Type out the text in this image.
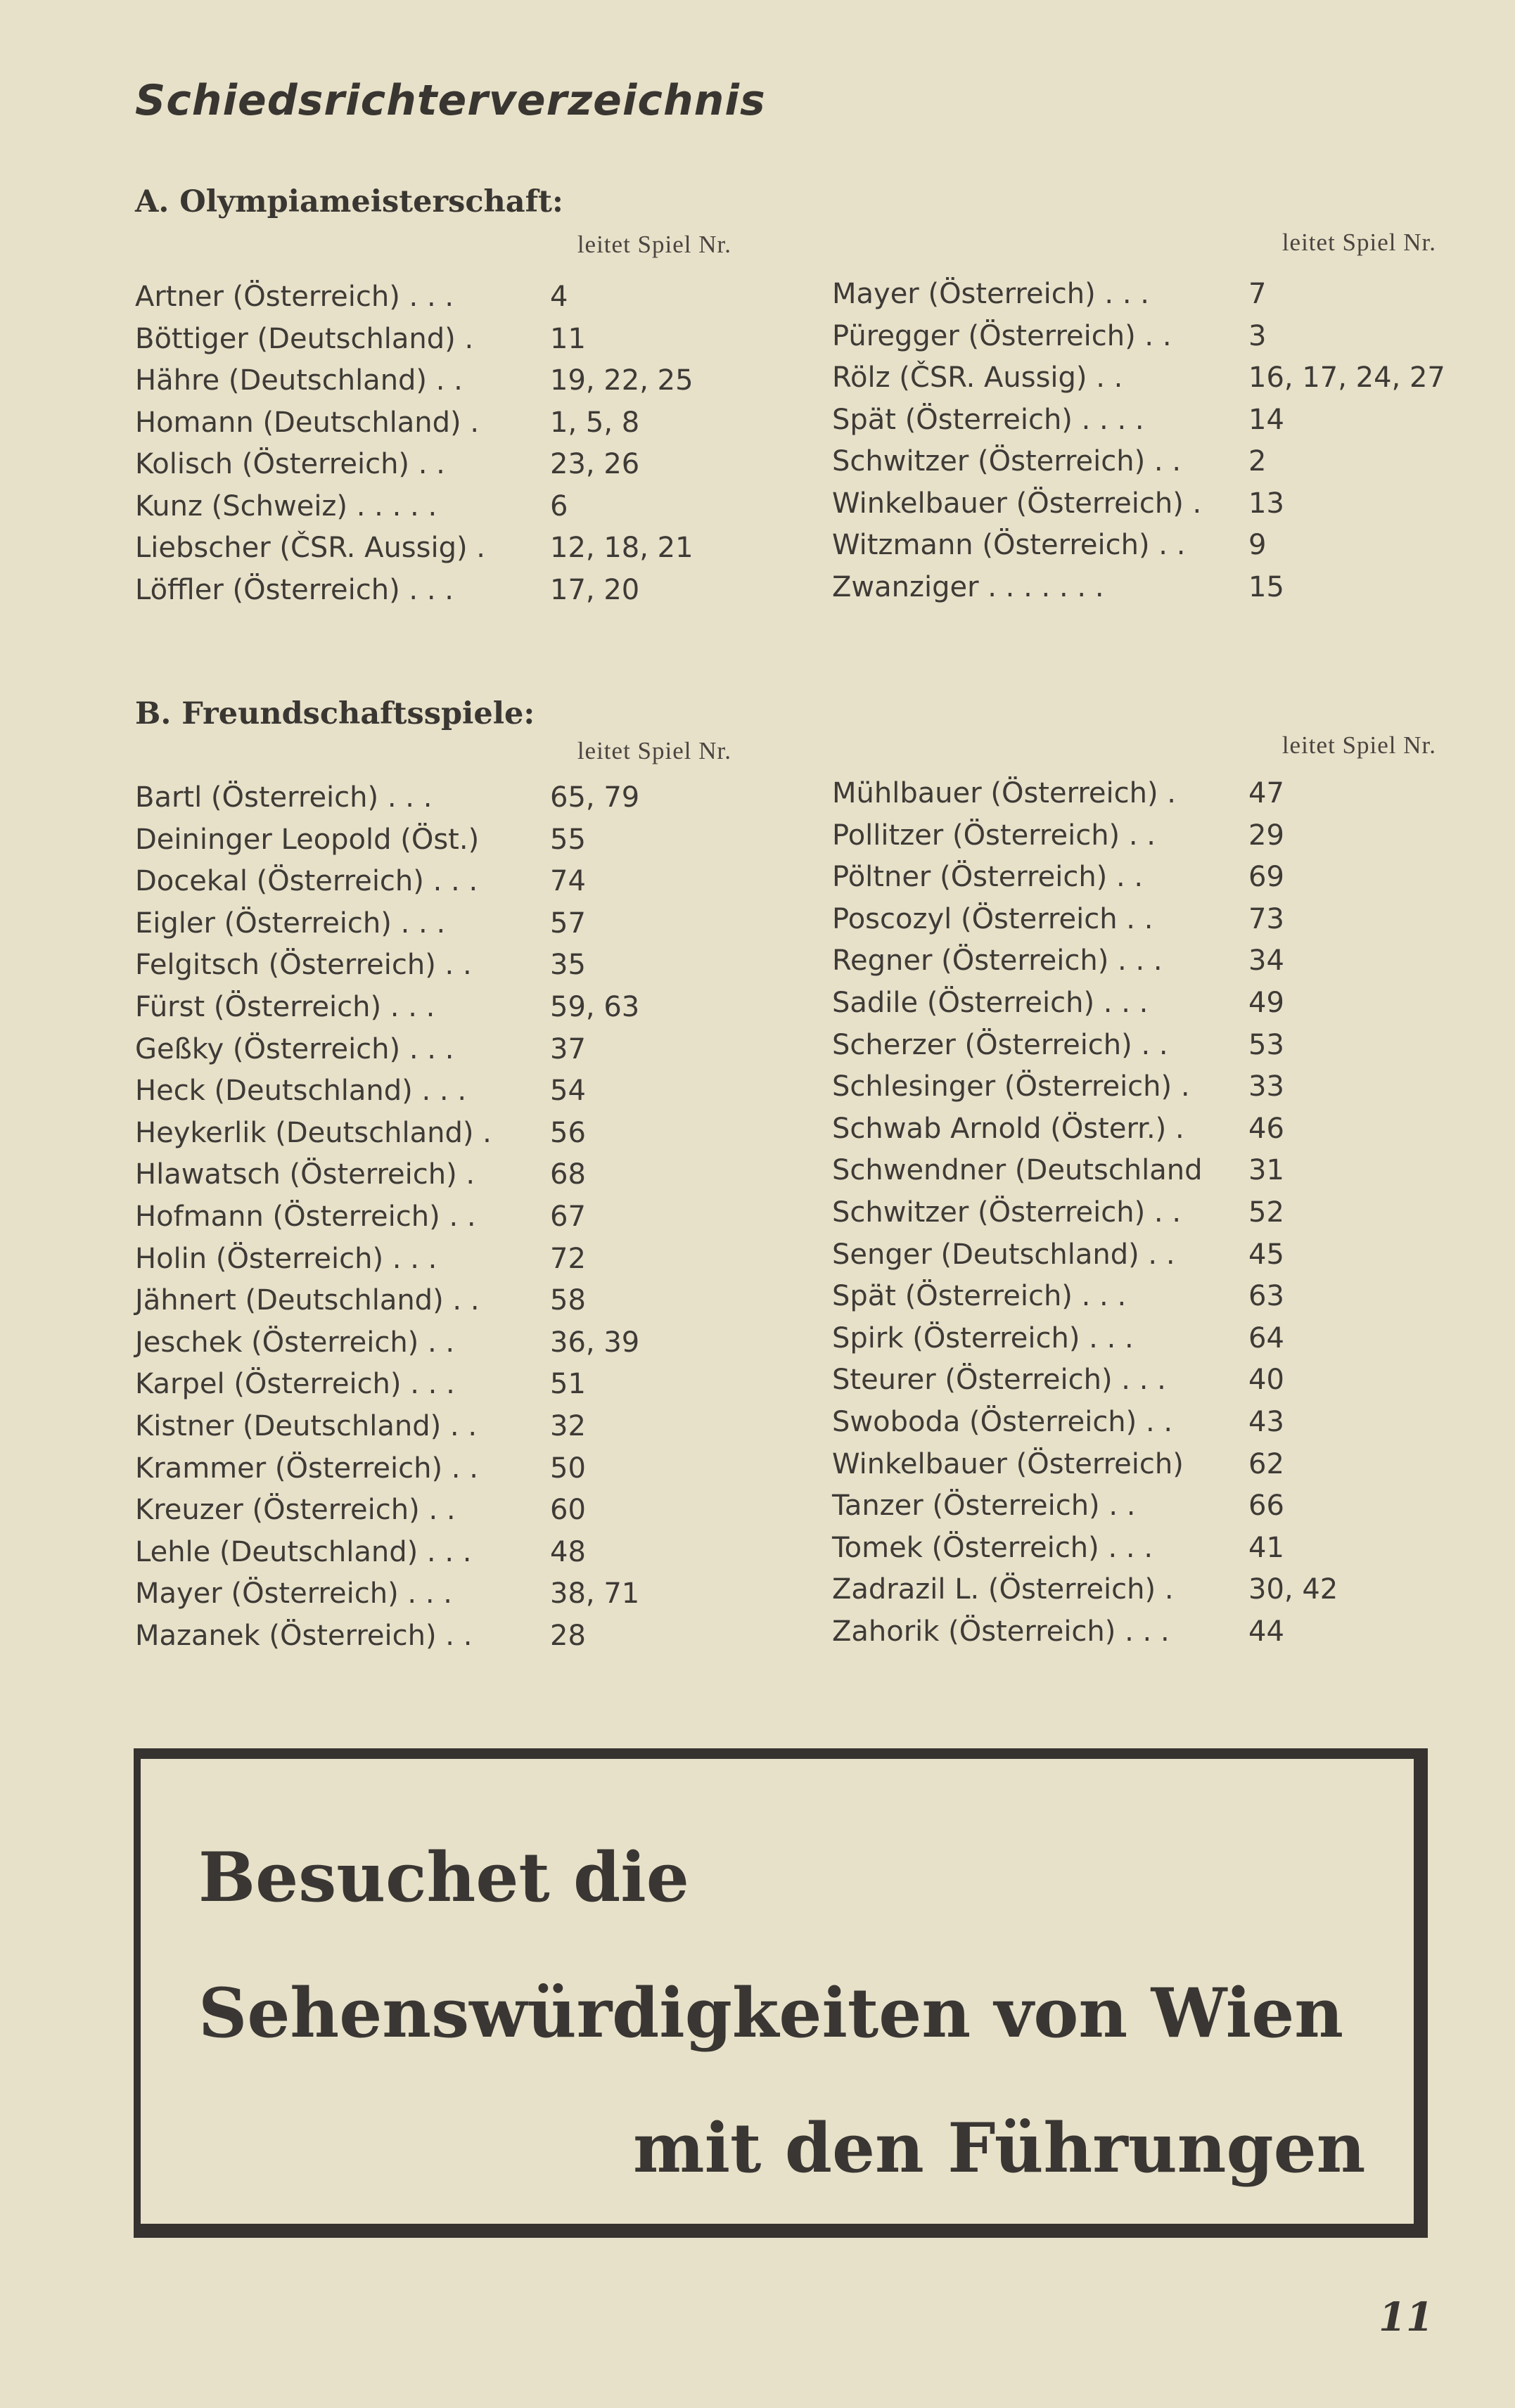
Schiedsrichterverzeichnis
A. Olympiameisterschaft:
leitet Spiel Nr.	leitet Spiel Nr.
Artner (Österreich) . . .	4
Böttiger (Deutschland) .	11
Hähre (Deutschland) . .	19, 22, 25
Homann (Deutschland) .	1, 5, 8
Kolisch (Österreich) . .	23, 26
Kunz (Schweiz) . . . . .	6
Liebscher (ČSR. Aussig) . 12, 18, 21
Löffler (Österreich) . . .	17, 20
Mayer (Österreich) . . .	7
Püregger (Österreich) . .	3
Rölz (ČSR. Aussig) . .	16, 17, 24, 27
Spät (Österreich) . . . .	14
Schwitzer (Österreich) . . 2
Winkelbauer (Österreich) . 13
Witzmann (Österreich) . . 9
Zwanziger . . . . . . .	15
B. Freundschaftsspiele:
leitet Spiel Nr.	leitet Spiel Nr.
Bartl (Österreich) . . .	65, 79
Deininger Leopold (Öst.)	55
Docekal (Österreich) . . .	74
Eigler (Österreich) . . .	57
Felgitsch (Österreich) . .	35
Fürst (Österreich) . . .	59, 63
Geßky (Österreich) . . .	37
Heck (Deutschland) . . .	54
Heykerlik (Deutschland) . 56
Hlawatsch (Österreich) .	68
Hofmann (Österreich) . .	67
Holin (Österreich) . . .	72
Jähnert (Deutschland) . .	58
Jeschek (Österreich) . .	36, 39
Karpel (Österreich) . . .	51
Kistner (Deutschland) . .	32
Krammer (Österreich) . .	50
Kreuzer (Österreich) . .	60
Lehle (Deutschland) . . .	48
Mayer (Österreich) . . .	38, 71
Mazanek (Österreich) . .	28
Mühlbauer (Österreich) .	47
Pollitzer (Österreich) . .	29
Pöltner (Österreich) . .	69
Poscozyl (Österreich . .	73
Regner (Österreich) . . .	34
Sadile (Österreich) . . .	49
Scherzer (Österreich) . .	53
Schlesinger (Österreich) . 33
Schwab Arnold (Österr.) . 46
Schwendner (Deutschland 31
Schwitzer (Österreich) . . 52
Senger (Deutschland) . .	45
Spät (Österreich) . . .	63
Spirk (Österreich) . . .	64
Steurer (Österreich) . . .	40
Swoboda (Österreich) . .	43
Winkelbauer (Österreich) 62
Tanzer (Österreich) . .	66
Tomek (Österreich) . . .	41
Zadrazil L. (Österreich) .	30, 42
Zahorik (Österreich) . . .	44

Besuchet die

Sehenswürdigkeiten von Wien

mit den Führungen

11
